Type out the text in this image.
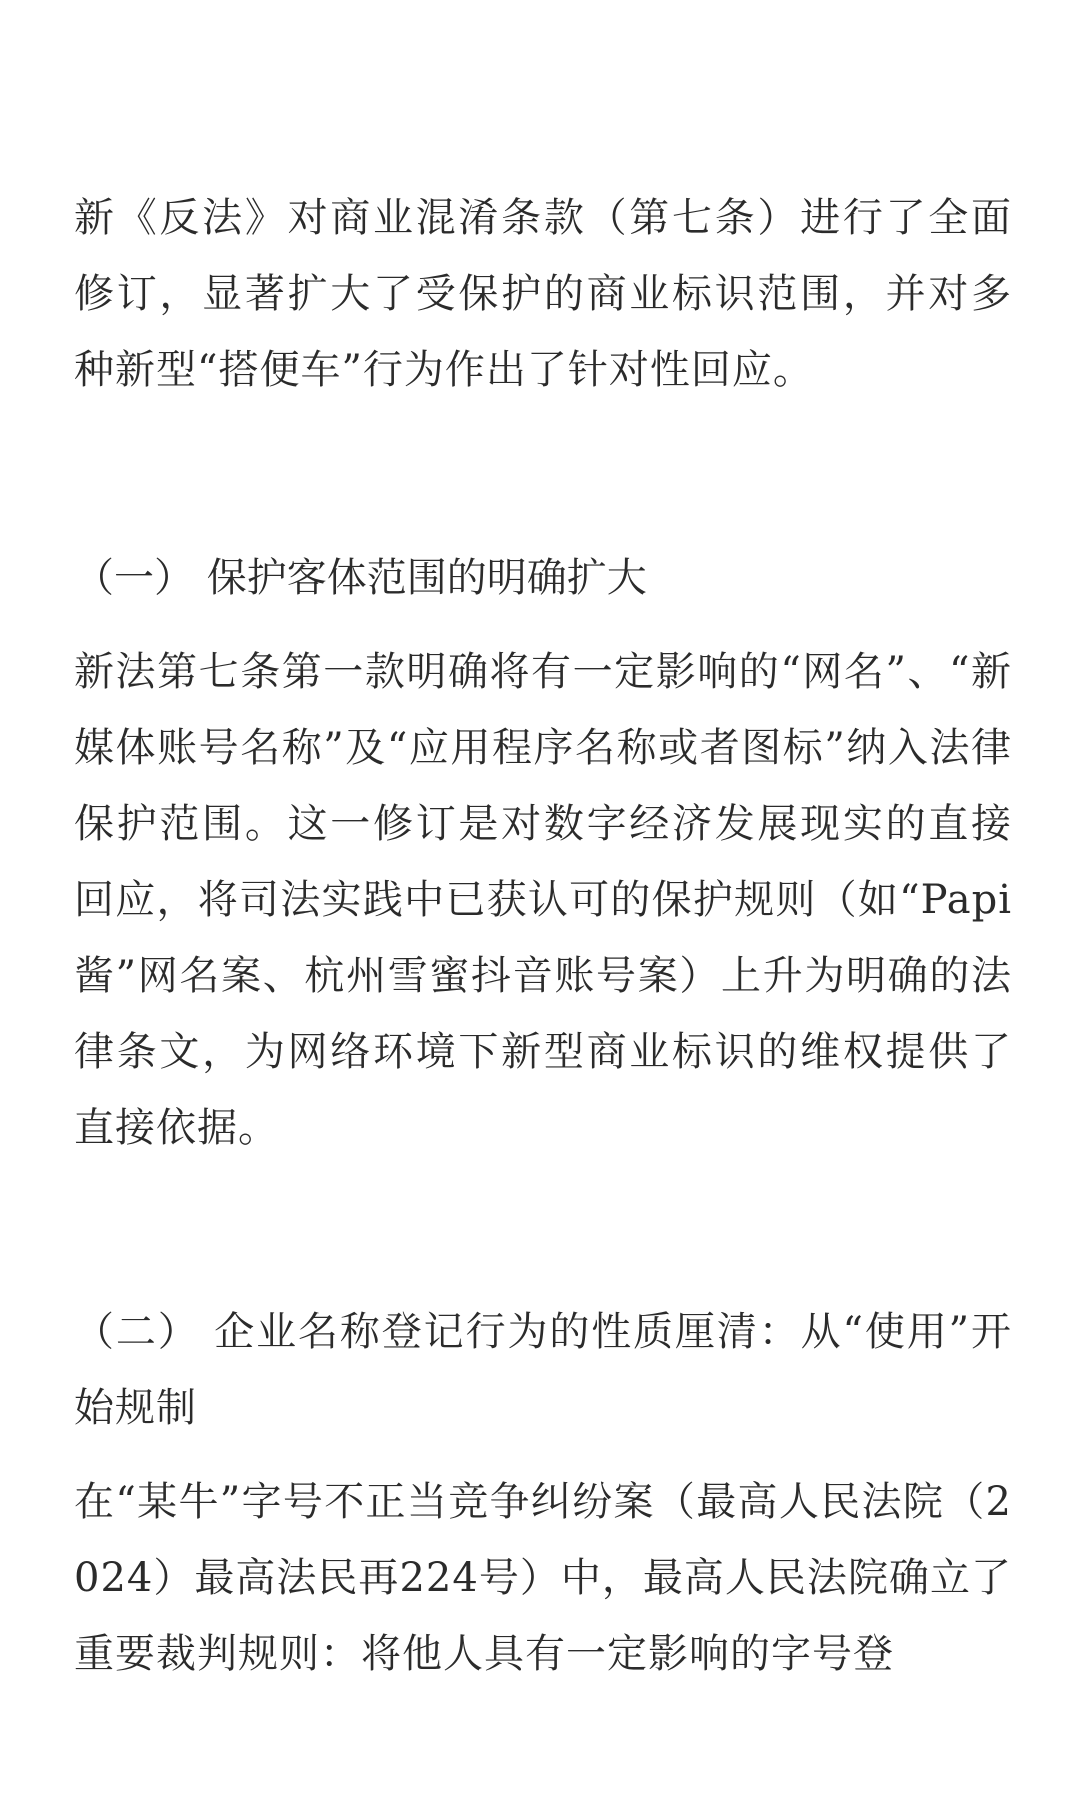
新《反法》对商业混淆条款（第七条）进行了全面修订，显著扩大了受保护的商业标识范围，并对多种新型“搭便车”行为作出了针对性回应。

（一） 保护客体范围的明确扩大

新法第七条第一款明确将有一定影响的“网名”、“新媒体账号名称”及“应用程序名称或者图标”纳入法律保护范围。这一修订是对数字经济发展现实的直接回应，将司法实践中已获认可的保护规则（如“Papi酱”网名案、杭州雪蜜抖音账号案）上升为明确的法律条文，为网络环境下新型商业标识的维权提供了直接依据。

（二） 企业名称登记行为的性质厘清：从“使用”开始规制

在“某牛”字号不正当竞争纠纷案（最高人民法院（2024）最高法民再224号）中，最高人民法院确立了重要裁判规则：将他人具有一定影响的字号登
